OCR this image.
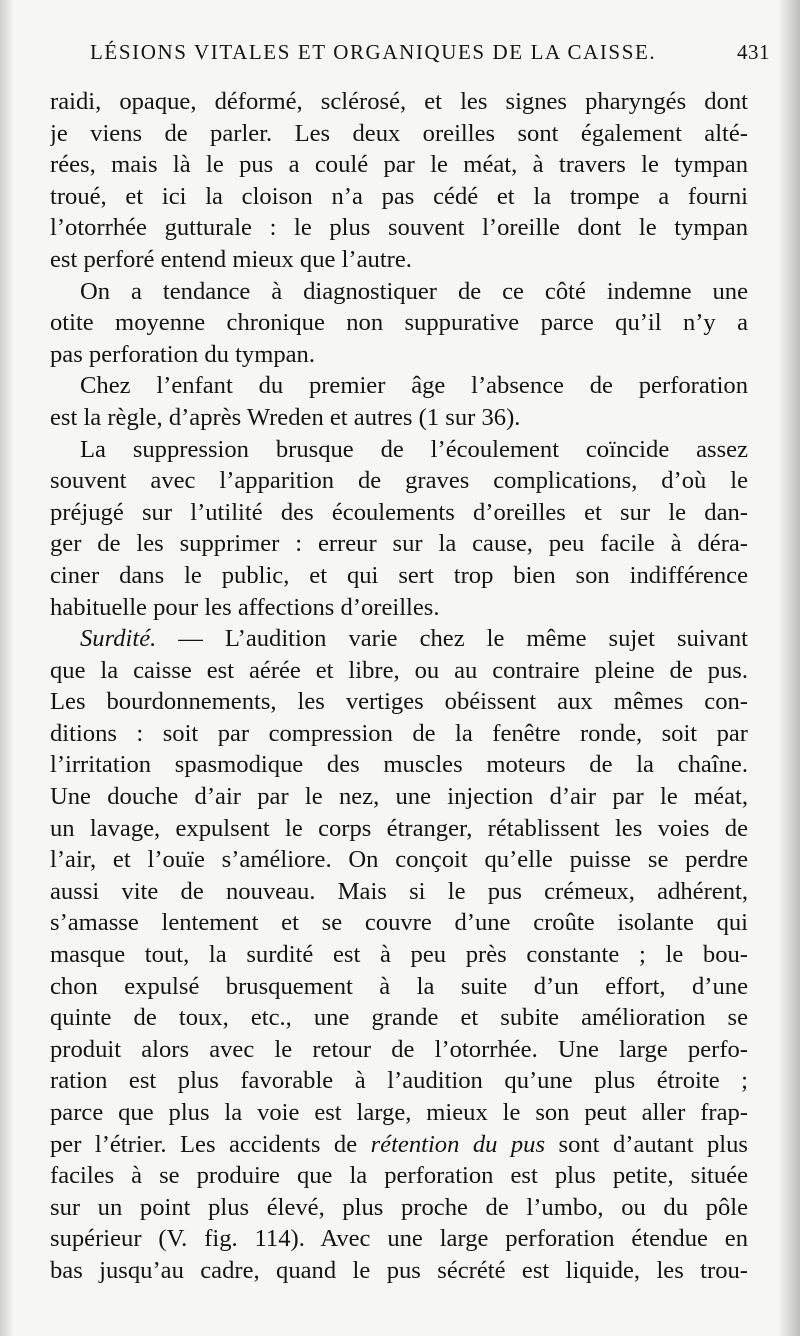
LÉSIONS VITALES ET ORGANIQUES DE LA CAISSE.	431
raidi, opaque, déformé, sclérosé, et les signes pharyngés dont
je viens de parler. Les deux oreilles sont également alté-
rées, mais là le pus a coulé par le méat, à travers le tympan
troué, et ici la cloison n’a pas cédé et la trompe a fourni
l’otorrhée gutturale : le plus souvent l’oreille dont le tympan
est perforé entend mieux que l’autre.
On a tendance à diagnostiquer de ce côté indemne une
otite moyenne chronique non suppurative parce qu’il n’y a
pas perforation du tympan.
Chez l’enfant du premier âge l’absence de perforation
est la règle, d’après Wreden et autres (1 sur 36).
La suppression brusque de l’écoulement coïncide assez
souvent avec l’apparition de graves complications, d’où le
préjugé sur l’utilité des écoulements d’oreilles et sur le dan-
ger de les supprimer : erreur sur la cause, peu facile à déra-
ciner dans le public, et qui sert trop bien son indifférence
habituelle pour les affections d’oreilles.
Surdité. — L’audition varie chez le même sujet suivant
que la caisse est aérée et libre, ou au contraire pleine de pus.
Les bourdonnements, les vertiges obéissent aux mêmes con-
ditions : soit par compression de la fenêtre ronde, soit par
l’irritation spasmodique des muscles moteurs de la chaîne.
Une douche d’air par le nez, une injection d’air par le méat,
un lavage, expulsent le corps étranger, rétablissent les voies de
l’air, et l’ouïe s’améliore. On conçoit qu’elle puisse se perdre
aussi vite de nouveau. Mais si le pus crémeux, adhérent,
s’amasse lentement et se couvre d’une croûte isolante qui
masque tout, la surdité est à peu près constante ; le bou-
chon expulsé brusquement à la suite d’un effort, d’une
quinte de toux, etc., une grande et subite amélioration se
produit alors avec le retour de l’otorrhée. Une large perfo-
ration est plus favorable à l’audition qu’une plus étroite ;
parce que plus la voie est large, mieux le son peut aller frap-
per l’étrier. Les accidents de rétention du pus sont d’autant plus
faciles à se produire que la perforation est plus petite, située
sur un point plus élevé, plus proche de l’umbo, ou du pôle
supérieur (V. fig. 114). Avec une large perforation étendue en
bas jusqu’au cadre, quand le pus sécrété est liquide, les trou-
